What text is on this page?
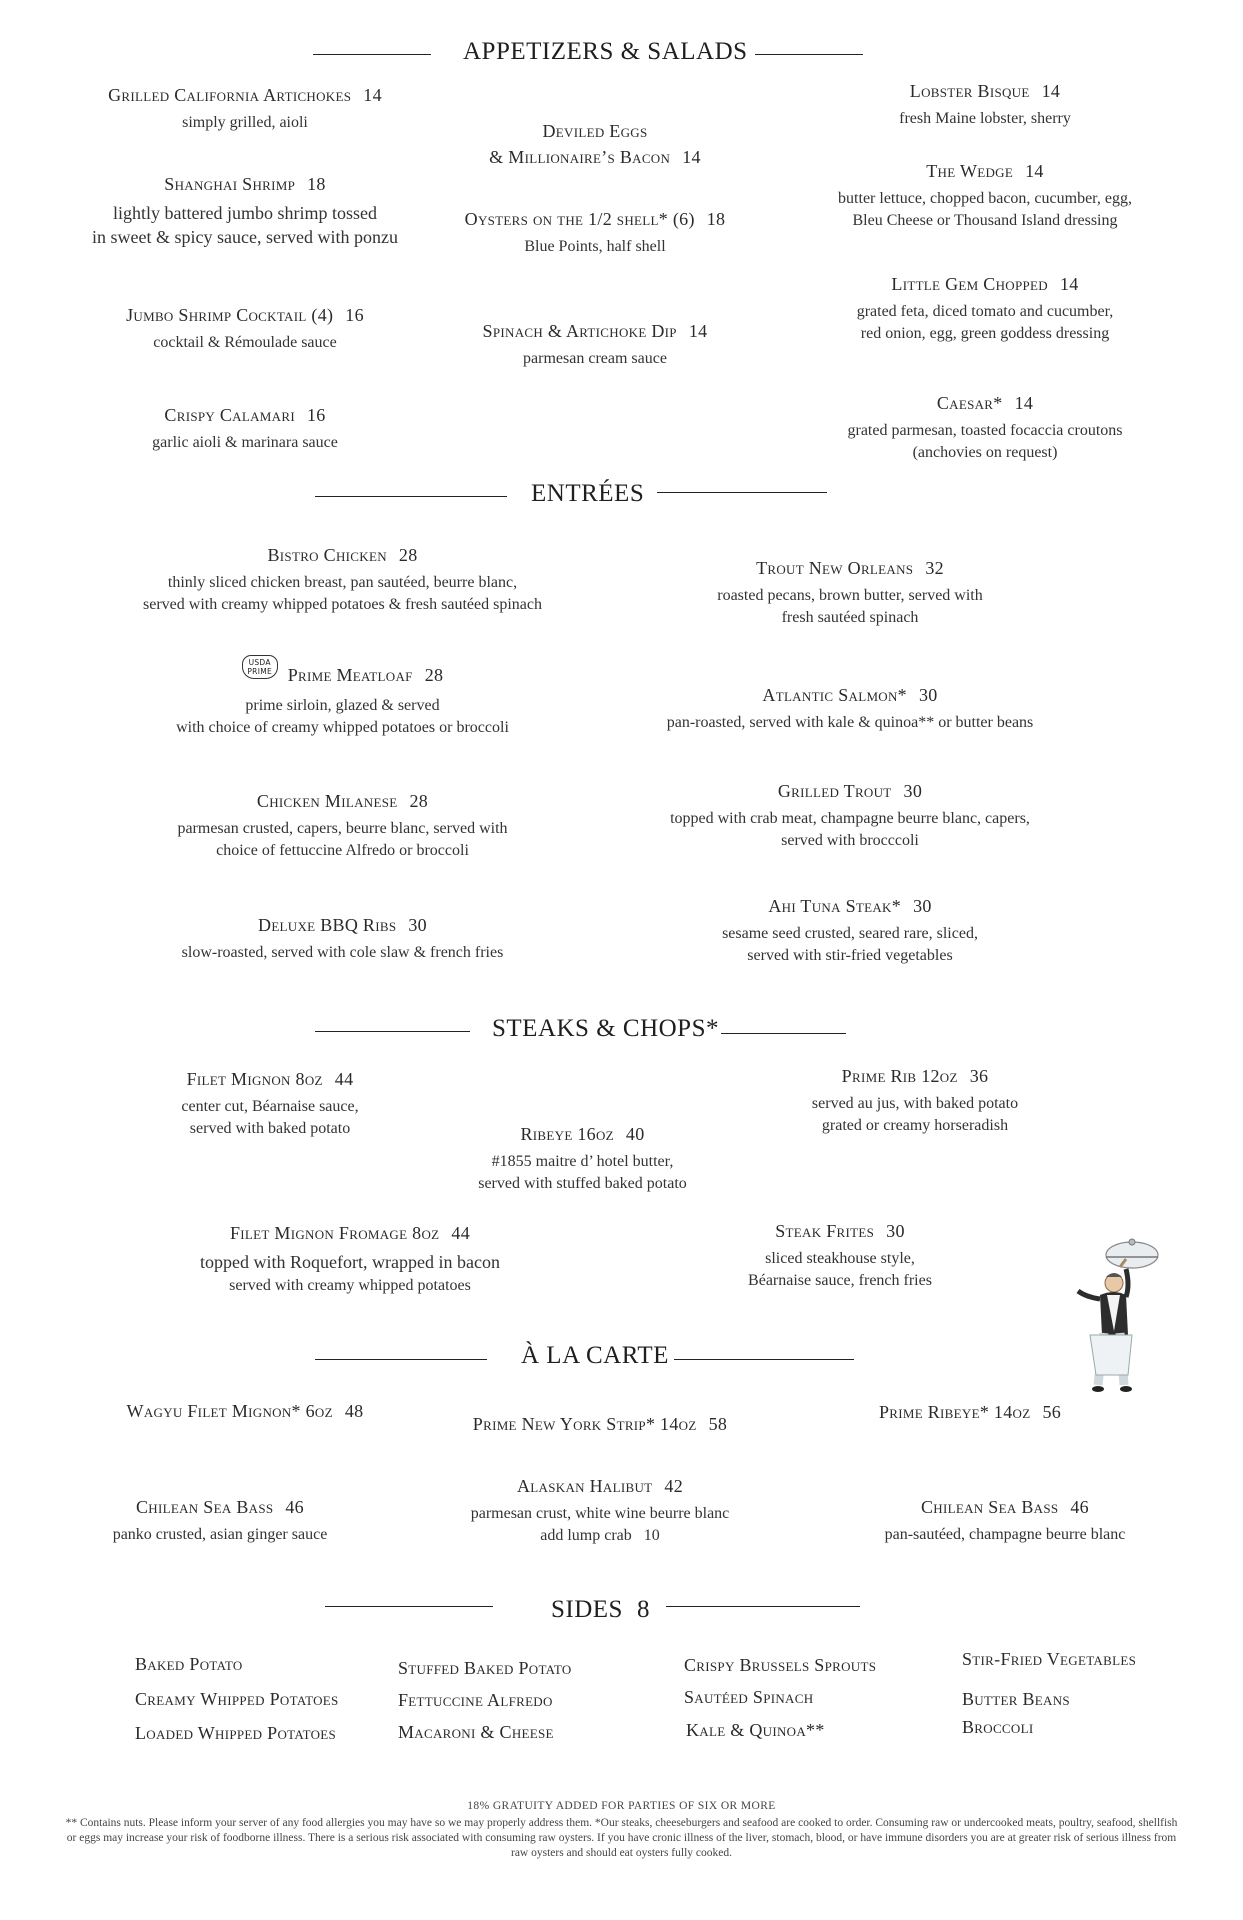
APPETIZERS & SALADS
Grilled California Artichokes 14
simply grilled, aioli
Shanghai Shrimp 18
lightly battered jumbo shrimp tossed
in sweet & spicy sauce, served with ponzu
Jumbo Shrimp Cocktail (4) 16
cocktail & Rémoulade sauce
Crispy Calamari 16
garlic aioli & marinara sauce
Deviled Eggs
& Millionaire’s Bacon 14
Oysters on the 1/2 shell* (6) 18
Blue Points, half shell
Spinach & Artichoke Dip 14
parmesan cream sauce
Lobster Bisque 14
fresh Maine lobster, sherry
The Wedge 14
butter lettuce, chopped bacon, cucumber, egg,
Bleu Cheese or Thousand Island dressing
Little Gem Chopped 14
grated feta, diced tomato and cucumber,
red onion, egg, green goddess dressing
Caesar* 14
grated parmesan, toasted focaccia croutons
(anchovies on request)
ENTRÉES
Bistro Chicken 28
thinly sliced chicken breast, pan sautéed, beurre blanc,
served with creamy whipped potatoes & fresh sautéed spinach
USDA
PRIME Prime Meatloaf 28
prime sirloin, glazed & served
with choice of creamy whipped potatoes or broccoli
Chicken Milanese 28
parmesan crusted, capers, beurre blanc, served with
choice of fettuccine Alfredo or broccoli
Deluxe BBQ Ribs 30
slow-roasted, served with cole slaw & french fries
Trout New Orleans 32
roasted pecans, brown butter, served with
fresh sautéed spinach
Atlantic Salmon* 30
pan-roasted, served with kale & quinoa** or butter beans
Grilled Trout 30
topped with crab meat, champagne beurre blanc, capers,
served with brocccoli
Ahi Tuna Steak* 30
sesame seed crusted, seared rare, sliced,
served with stir-fried vegetables
STEAKS & CHOPS*
Filet Mignon 8oz 44
center cut, Béarnaise sauce,
served with baked potato	Ribeye 16oz 40
#1855 maitre d’ hotel butter,
served with stuffed baked potato
Prime Rib 12oz 36
served au jus, with baked potato
grated or creamy horseradish
Filet Mignon Fromage 8oz 44
topped with Roquefort, wrapped in bacon
served with creamy whipped potatoes
Steak Frites 30
sliced steakhouse style,
Béarnaise sauce, french fries
À LA CARTE
Wagyu Filet Mignon* 6oz 48
Prime New York Strip* 14oz 58
Prime Ribeye* 14oz 56
Chilean Sea Bass 46
panko crusted, asian ginger sauce
Alaskan Halibut 42
parmesan crust, white wine beurre blanc
add lump crab   10
Chilean Sea Bass 46
pan-sautéed, champagne beurre blanc
SIDES 8
Baked Potato
Creamy Whipped Potatoes
Loaded Whipped Potatoes
Stuffed Baked Potato
Fettuccine Alfredo
Macaroni & Cheese
Crispy Brussels Sprouts
Sautéed Spinach
Kale & Quinoa**
Stir-Fried Vegetables
Butter Beans
Broccoli
18% GRATUITY ADDED FOR PARTIES OF SIX OR MORE
** Contains nuts. Please inform your server of any food allergies you may have so we may properly address them. *Our steaks, cheeseburgers and seafood are cooked to order. Consuming raw or undercooked meats, poultry, seafood, shellfish or eggs may increase your risk of foodborne illness. There is a serious risk associated with consuming raw oysters. If you have cronic illness of the liver, stomach, blood, or have immune disorders you are at greater risk of serious illness from raw oysters and should eat oysters fully cooked.
